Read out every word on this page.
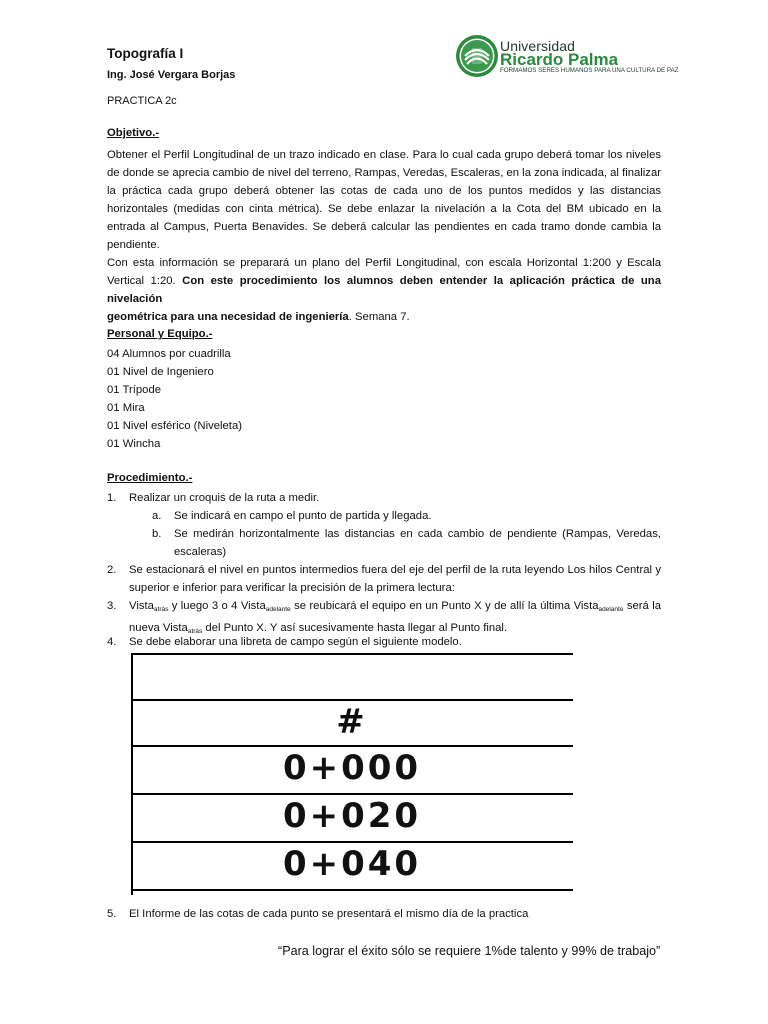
Topografía I
Ing. José Vergara Borjas
PRACTICA 2c
Universidad
Ricardo Palma
FORMAMOS SERES HUMANOS PARA UNA CULTURA DE PAZ
Objetivo.-
Obtener el Perfil Longitudinal de un trazo indicado en clase. Para lo cual cada grupo deberá tomar los niveles
de donde se aprecia cambio de nivel del terreno, Rampas, Veredas, Escaleras, en la zona indicada, al finalizar
la práctica cada grupo deberá obtener las cotas de cada uno de los puntos medidos y las distancias
horizontales (medidas con cinta métrica). Se debe enlazar la nivelación a la Cota del BM ubicado en la
entrada al Campus, Puerta Benavides. Se deberá calcular las pendientes en cada tramo donde cambia la
pendiente.
Con esta información se preparará un plano del Perfil Longitudinal, con escala Horizontal 1:200 y Escala
Vertical 1:20. Con este procedimiento los alumnos deben entender la aplicación práctica de una nivelación
geométrica para una necesidad de ingeniería. Semana 7.
Personal y Equipo.-
04 Alumnos por cuadrilla
01 Nivel de Ingeniero
01 Trípode
01 Mira
01 Nivel esférico (Niveleta)
01 Wincha
Procedimiento.-
1. Realizar un croquis de la ruta a medir.
a. Se indicará en campo el punto de partida y llegada.
b. Se medirán horizontalmente las distancias en cada cambio de pendiente (Rampas, Veredas, escaleras)
2. Se estacionará el nivel en puntos intermedios fuera del eje del perfil de la ruta leyendo Los hilos Central y superior e inferior para verificar la precisión de la primera lectura:
3. Vista$_{atrás}$ y luego 3 o 4 Vista$_{adelante}$ se reubicará el equipo en un Punto X y de allí la última Vista$_{adelante}$ será la nueva Vista$_{atrás}$ del Punto X. Y así sucesivamente hasta llegar al Punto final.
4. Se debe elaborar una libreta de campo según el siguiente modelo.
#
0+000
0+020
0+040
5. El Informe de las cotas de cada punto se presentará el mismo día de la practica
“Para lograr el éxito sólo se requiere 1%de talento y 99% de trabajo”
